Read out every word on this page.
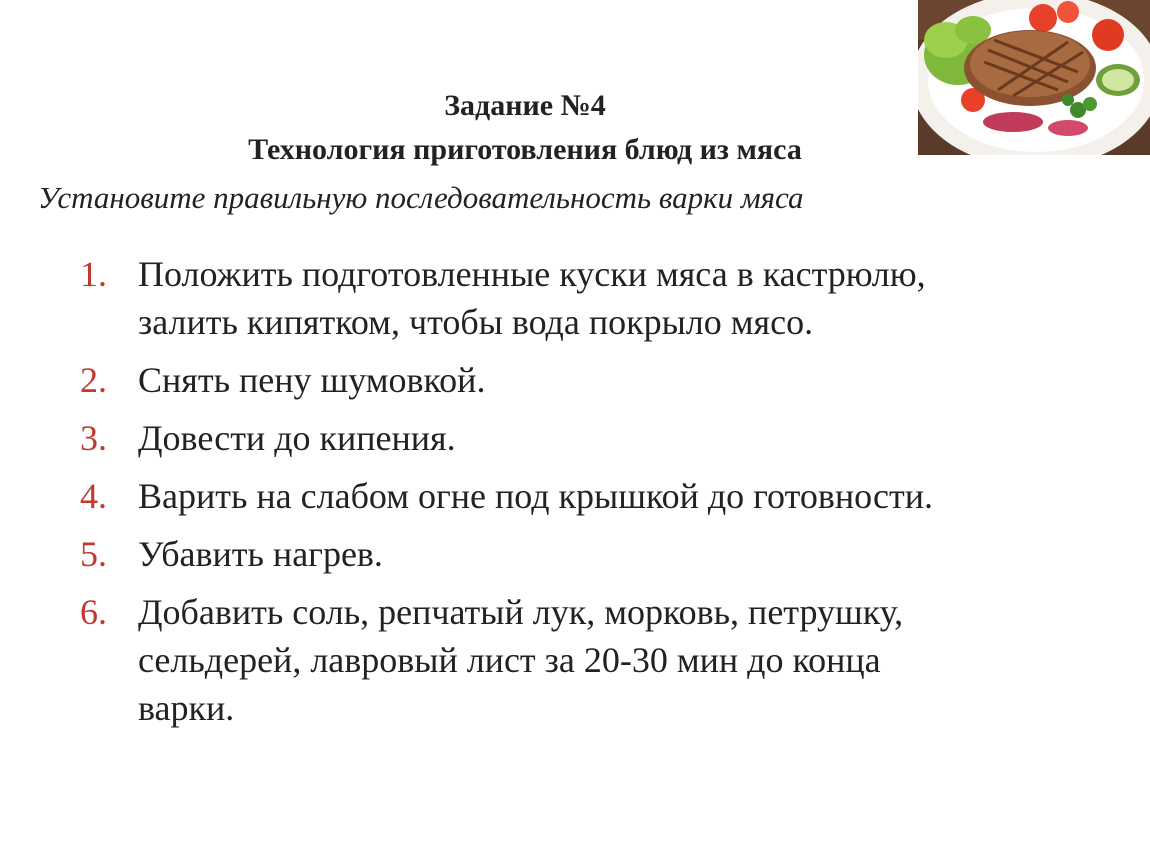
Задание №4
Технология приготовления блюд из мяса
Установите правильную последовательность варки мяса
1. Положить подготовленные куски мяса в кастрюлю,
залить кипятком, чтобы вода покрыло мясо.
2. Снять пену шумовкой.
3. Довести до кипения.
4. Варить на слабом огне под крышкой до готовности.
5. Убавить нагрев.
6. Добавить соль, репчатый лук, морковь, петрушку,
сельдерей, лавровый лист за 20-30 мин до конца
варки.
